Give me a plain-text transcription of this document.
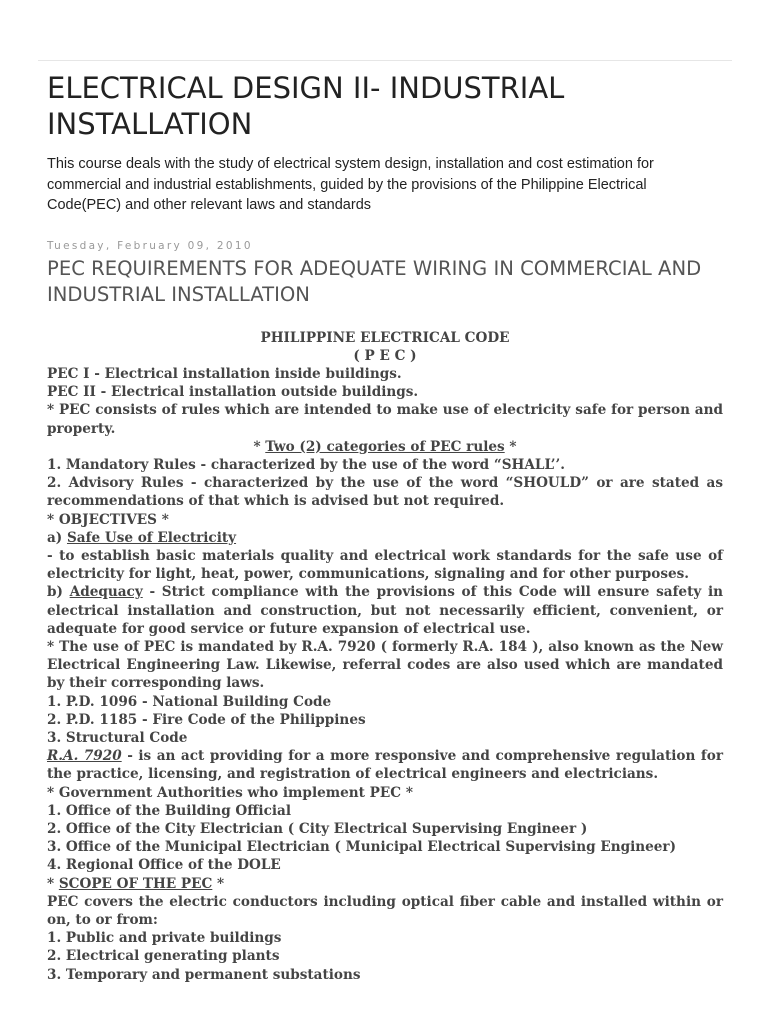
ELECTRICAL DESIGN II- INDUSTRIAL INSTALLATION

This course deals with the study of electrical system design, installation and cost estimation for commercial and industrial establishments, guided by the provisions of the Philippine Electrical Code(PEC) and other relevant laws and standards

Tuesday, February 09, 2010
PEC REQUIREMENTS FOR ADEQUATE WIRING IN COMMERCIAL AND INDUSTRIAL INSTALLATION
PHILIPPINE ELECTRICAL CODE
( P E C )
PEC I - Electrical installation inside buildings.
PEC II - Electrical installation outside buildings.
* PEC consists of rules which are intended to make use of electricity safe for person and property.
* Two (2) categories of PEC rules *
1. Mandatory Rules - characterized by the use of the word “SHALL’’.
2. Advisory Rules - characterized by the use of the word “SHOULD” or are stated as recommendations of that which is advised but not required.
* OBJECTIVES *
a) Safe Use of Electricity
- to establish basic materials quality and electrical work standards for the safe use of electricity for light, heat, power, communications, signaling and for other purposes.
b) Adequacy - Strict compliance with the provisions of this Code will ensure safety in electrical installation and construction, but not necessarily efficient, convenient, or adequate for good service or future expansion of electrical use.
* The use of PEC is mandated by R.A. 7920 ( formerly R.A. 184 ), also known as the New Electrical Engineering Law. Likewise, referral codes are also used which are mandated by their corresponding laws.
1. P.D. 1096 - National Building Code
2. P.D. 1185 - Fire Code of the Philippines
3. Structural Code
R.A. 7920 - is an act providing for a more responsive and comprehensive regulation for the practice, licensing, and registration of electrical engineers and electricians.
* Government Authorities who implement PEC *
1. Office of the Building Official
2. Office of the City Electrician ( City Electrical Supervising Engineer )
3. Office of the Municipal Electrician ( Municipal Electrical Supervising Engineer)
4. Regional Office of the DOLE
* SCOPE OF THE PEC *
PEC covers the electric conductors including optical fiber cable and installed within or on, to or from:
1. Public and private buildings
2. Electrical generating plants
3. Temporary and permanent substations
